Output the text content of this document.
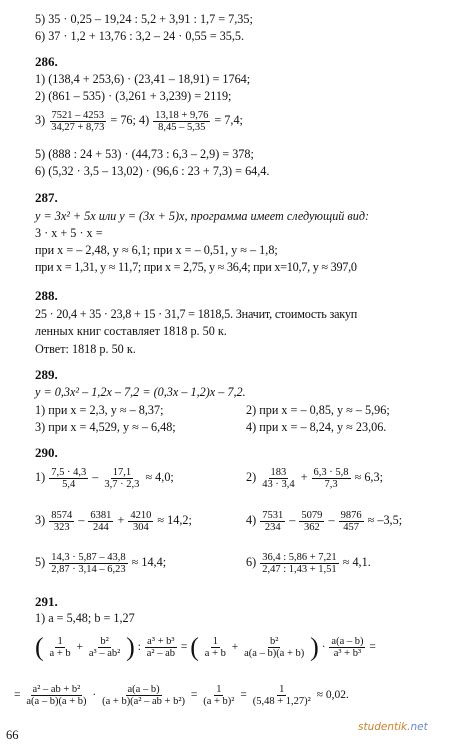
5) 35 · 0,25 – 19,24 : 5,2 + 3,91 : 1,7 = 7,35;
6) 37 · 1,2 + 13,76 : 3,2 – 24 · 0,55 = 35,5.
286.
1) (138,4 + 253,6) · (23,41 – 18,91) = 1764;
2) (861 – 535) · (3,261 + 3,239) = 2119;
$3) \frac{7521 - 4253}{34,27 + 8,73} = 76$; $4) \frac{13,18 + 9,76}{8,45 - 5,35} = 7,4$;
5) (888 : 24 + 53) · (44,73 : 6,3 – 2,9) = 378;
6) (5,32 · 3,5 – 13,02) · (96,6 : 23 + 7,3) = 64,4.
287.
y = 3x² + 5x или y = (3x + 5)x, программа имеет следующий вид:
3 · x + 5 · x =
при x = – 2,48, y ≈ 6,1; при x = – 0,51, y ≈ – 1,8;
при x = 1,31, y ≈ 11,7; при x = 2,75, y ≈ 36,4; при x=10,7, y ≈ 397,0
288.
25 · 20,4 + 35 · 23,8 + 15 · 31,7 = 1818,5. Значит, стоимость закуп
ленных книг составляет 1818 р. 50 к.
Ответ: 1818 р. 50 к.
289.
y = 0,3x² – 1,2x – 7,2 = (0,3x – 1,2)x – 7,2.
1) при x = 2,3, y ≈ – 8,37;	2) при x = – 0,85, y ≈ – 5,96;
3) при x = 4,529, y ≈ – 6,48;	4) при x = – 8,24, y ≈ 23,06.
290.
$1) \frac{7,5 \cdot 4,3}{5,4} - \frac{17,1}{3,7 \cdot 2,3} \approx 4,0$;	$2) \frac{183}{43 \cdot 3,4} + \frac{6,3 \cdot 5,8}{7,3} \approx 6,3$;
$3) \frac{8574}{323} - \frac{6381}{244} + \frac{4210}{304} \approx 14,2$;	$4) \frac{7531}{234} - \frac{5079}{362} - \frac{9876}{457} \approx -3,5$;
$5) \frac{14,3 \cdot 5,87 - 43,8}{2,87 \cdot 3,14 - 6,23} \approx 14,4$;	$6) \frac{36,4 : 5,86 + 7,21}{2,47 : 1,43 + 1,51} \approx 4,1$.
291.
1) a = 5,48; b = 1,27
( $\frac{1}{a + b} + \frac{\text{b²}}{\text{a³ – ab²}}$ ) : $\frac{\text{a³ + b³}}{\text{a² – ab}}$ = ( $\frac{1}{a + b} + \frac{\text{b²}}{a(a - b)(a + b)}$ ) · $\frac{a(a - b)}{\text{a³ + b³}}$ =
= $\frac{\text{a² – ab + b²}}{a(a - b)(a + b)} \cdot \frac{a(a - b)}{\text{(a + b)(a² – ab + b²)}} = \frac{1}{\text{(a + b)²}} = \frac{1}{\text{(5,48 + 1,27)²}} \approx 0,02$.
66
studentik.net
